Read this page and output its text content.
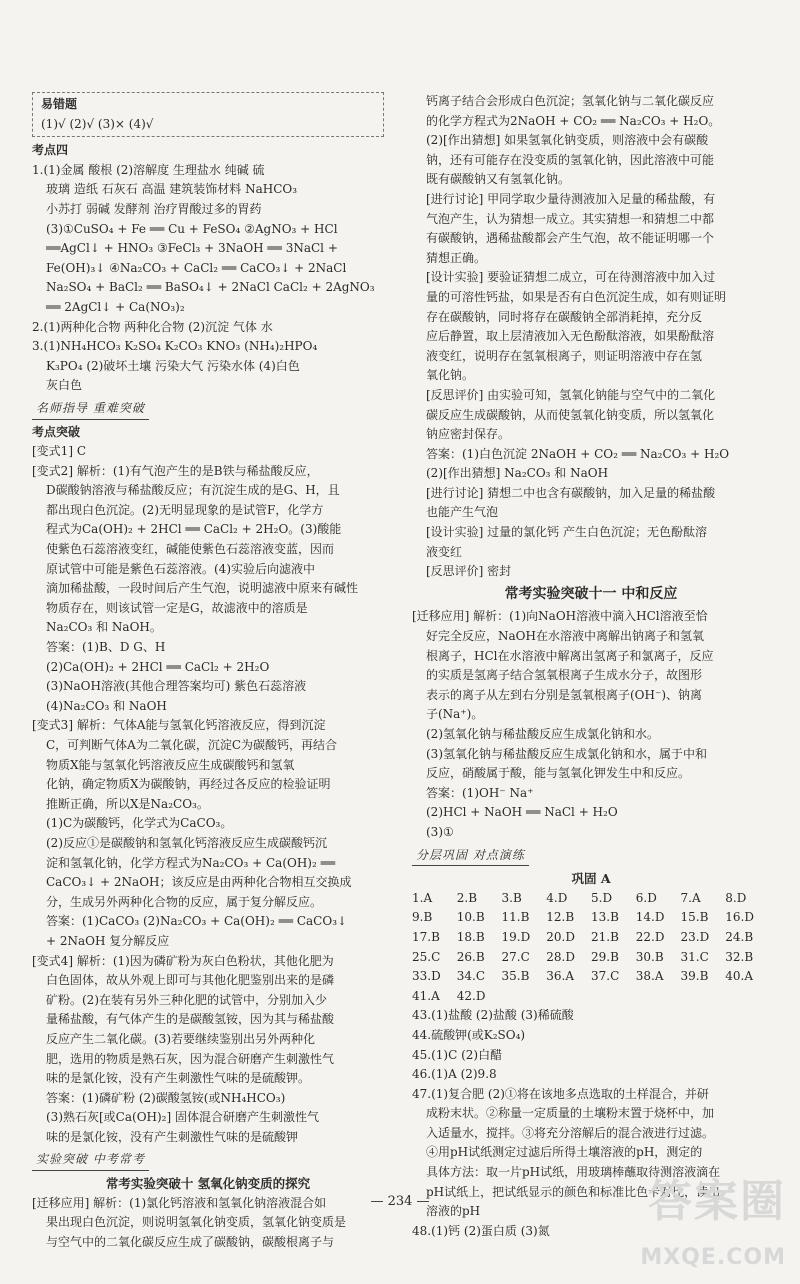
易错题

(1)√ (2)√ (3)× (4)√

考点四

1.(1)金属 酸根 (2)溶解度 生理盐水 纯碱 硫

玻璃 造纸 石灰石 高温 建筑装饰材料 NaHCO₃

小苏打 弱碱 发酵剂 治疗胃酸过多的胃药

(3)①CuSO₄ + Fe ══ Cu + FeSO₄ ②AgNO₃ + HCl

══AgCl↓ + HNO₃ ③FeCl₃ + 3NaOH ══ 3NaCl +

Fe(OH)₃↓ ④Na₂CO₃ + CaCl₂ ══ CaCO₃↓ + 2NaCl

Na₂SO₄ + BaCl₂ ══ BaSO₄↓ + 2NaCl CaCl₂ + 2AgNO₃

══ 2AgCl↓ + Ca(NO₃)₂

2.(1)两种化合物 两种化合物 (2)沉淀 气体 水

3.(1)NH₄HCO₃ K₂SO₄ K₂CO₃ KNO₃ (NH₄)₂HPO₄

K₃PO₄ (2)破坏土壤 污染大气 污染水体 (4)白色

灰白色

名师指导 重难突破

考点突破

[变式1] C

[变式2] 解析：(1)有气泡产生的是B铁与稀盐酸反应，

D碳酸钠溶液与稀盐酸反应；有沉淀生成的是G、H，且

都出现白色沉淀。(2)无明显现象的是试管F，化学方

程式为Ca(OH)₂ + 2HCl ══ CaCl₂ + 2H₂O。(3)酸能

使紫色石蕊溶液变红，碱能使紫色石蕊溶液变蓝，因而

原试管中可能是紫色石蕊溶液。(4)实验后向滤液中

滴加稀盐酸，一段时间后产生气泡，说明滤液中原来有碱性

物质存在，则该试管一定是G，故滤液中的溶质是

Na₂CO₃ 和 NaOH。

答案：(1)B、D G、H

(2)Ca(OH)₂ + 2HCl ══ CaCl₂ + 2H₂O

(3)NaOH溶液(其他合理答案均可) 紫色石蕊溶液

(4)Na₂CO₃ 和 NaOH

[变式3] 解析：气体A能与氢氧化钙溶液反应，得到沉淀

C，可判断气体A为二氧化碳，沉淀C为碳酸钙，再结合

物质X能与氢氧化钙溶液反应生成碳酸钙和氢氧

化钠，确定物质X为碳酸钠，再经过各反应的检验证明

推断正确，所以X是Na₂CO₃。

(1)C为碳酸钙，化学式为CaCO₃。

(2)反应①是碳酸钠和氢氧化钙溶液反应生成碳酸钙沉

淀和氢氧化钠，化学方程式为Na₂CO₃ + Ca(OH)₂ ══

CaCO₃↓ + 2NaOH；该反应是由两种化合物相互交换成

分，生成另外两种化合物的反应，属于复分解反应。

答案：(1)CaCO₃ (2)Na₂CO₃ + Ca(OH)₂ ══ CaCO₃↓

+ 2NaOH 复分解反应

[变式4] 解析：(1)因为磷矿粉为灰白色粉状，其他化肥为

白色固体，故从外观上即可与其他化肥鉴别出来的是磷

矿粉。(2)在装有另外三种化肥的试管中，分别加入少

量稀盐酸，有气体产生的是碳酸氢铵，因为其与稀盐酸

反应产生二氧化碳。(3)若要继续鉴别出另外两种化

肥，选用的物质是熟石灰，因为混合研磨产生刺激性气

味的是氯化铵，没有产生刺激性气味的是硫酸钾。

答案：(1)磷矿粉 (2)碳酸氢铵(或NH₄HCO₃)

(3)熟石灰[或Ca(OH)₂] 固体混合研磨产生刺激性气

味的是氯化铵，没有产生刺激性气味的是硫酸钾

实验突破 中考常考

常考实验突破十 氢氧化钠变质的探究

[迁移应用] 解析：(1)氯化钙溶液和氢氧化钠溶液混合如

果出现白色沉淀，则说明氢氧化钠变质，氢氧化钠变质是

与空气中的二氧化碳反应生成了碳酸钠，碳酸根离子与

钙离子结合会形成白色沉淀；氢氧化钠与二氧化碳反应

的化学方程式为2NaOH + CO₂ ══ Na₂CO₃ + H₂O。

(2)[作出猜想] 如果氢氧化钠变质，则溶液中会有碳酸

钠，还有可能存在没变质的氢氧化钠，因此溶液中可能

既有碳酸钠又有氢氧化钠。

[进行讨论] 甲同学取少量待测液加入足量的稀盐酸，有

气泡产生，认为猜想一成立。其实猜想一和猜想二中都

有碳酸钠，遇稀盐酸都会产生气泡，故不能证明哪一个

猜想正确。

[设计实验] 要验证猜想二成立，可在待测溶液中加入过

量的可溶性钙盐，如果是否有白色沉淀生成，如有则证明

存在碳酸钠，同时将存在碳酸钠全部消耗掉，充分反

应后静置，取上层清液加入无色酚酞溶液，如果酚酞溶

液变红，说明存在氢氧根离子，则证明溶液中存在氢

氧化钠。

[反思评价] 由实验可知，氢氧化钠能与空气中的二氧化

碳反应生成碳酸钠，从而使氢氧化钠变质，所以氢氧化

钠应密封保存。

答案：(1)白色沉淀 2NaOH + CO₂ ══ Na₂CO₃ + H₂O

(2)[作出猜想] Na₂CO₃ 和 NaOH

[进行讨论] 猜想二中也含有碳酸钠，加入足量的稀盐酸

也能产生气泡

[设计实验] 过量的氯化钙 产生白色沉淀；无色酚酞溶

液变红

[反思评价] 密封

常考实验突破十一 中和反应

[迁移应用] 解析：(1)向NaOH溶液中滴入HCl溶液至恰

好完全反应，NaOH在水溶液中离解出钠离子和氢氧

根离子，HCl在水溶液中解离出氢离子和氯离子，反应

的实质是氢离子结合氢氧根离子生成水分子，故图形

表示的离子从左到右分别是氢氧根离子(OH⁻)、钠离

子(Na⁺)。

(2)氢氧化钠与稀盐酸反应生成氯化钠和水。

(3)氢氧化钠与稀盐酸反应生成氯化钠和水，属于中和

反应，硝酸属于酸，能与氢氧化钾发生中和反应。

答案：(1)OH⁻ Na⁺

(2)HCl + NaOH ══ NaCl + H₂O

(3)①

分层巩固 对点演练

巩固 A

1.A	2.B	3.B	4.D	5.D	6.D	7.A	8.D
9.B	10.B	11.B	12.B	13.B	14.D	15.B	16.D
17.B	18.B	19.D	20.D	21.B	22.D	23.D	24.B
25.C	26.B	27.C	28.D	29.B	30.B	31.C	32.B
33.D	34.C	35.B	36.A	37.C	38.A	39.B	40.A
41.A	42.D

43.(1)盐酸 (2)盐酸 (3)稀硫酸

44.硫酸钾(或K₂SO₄)

45.(1)C (2)白醋

46.(1)A (2)9.8

47.(1)复合肥 (2)①将在该地多点选取的土样混合，并研

成粉末状。②称量一定质量的土壤粉末置于烧杯中，加

入适量水，搅拌。③将充分溶解后的混合液进行过滤。

④用pH试纸测定过滤后所得土壤溶液的pH，测定的

具体方法：取一片pH试纸，用玻璃棒蘸取待测溶液滴在

pH试纸上，把试纸显示的颜色和标准比色卡对比，读出

溶液的pH

48.(1)钙 (2)蛋白质 (3)氮

— 234 —	答案圈
MXQE.COM
